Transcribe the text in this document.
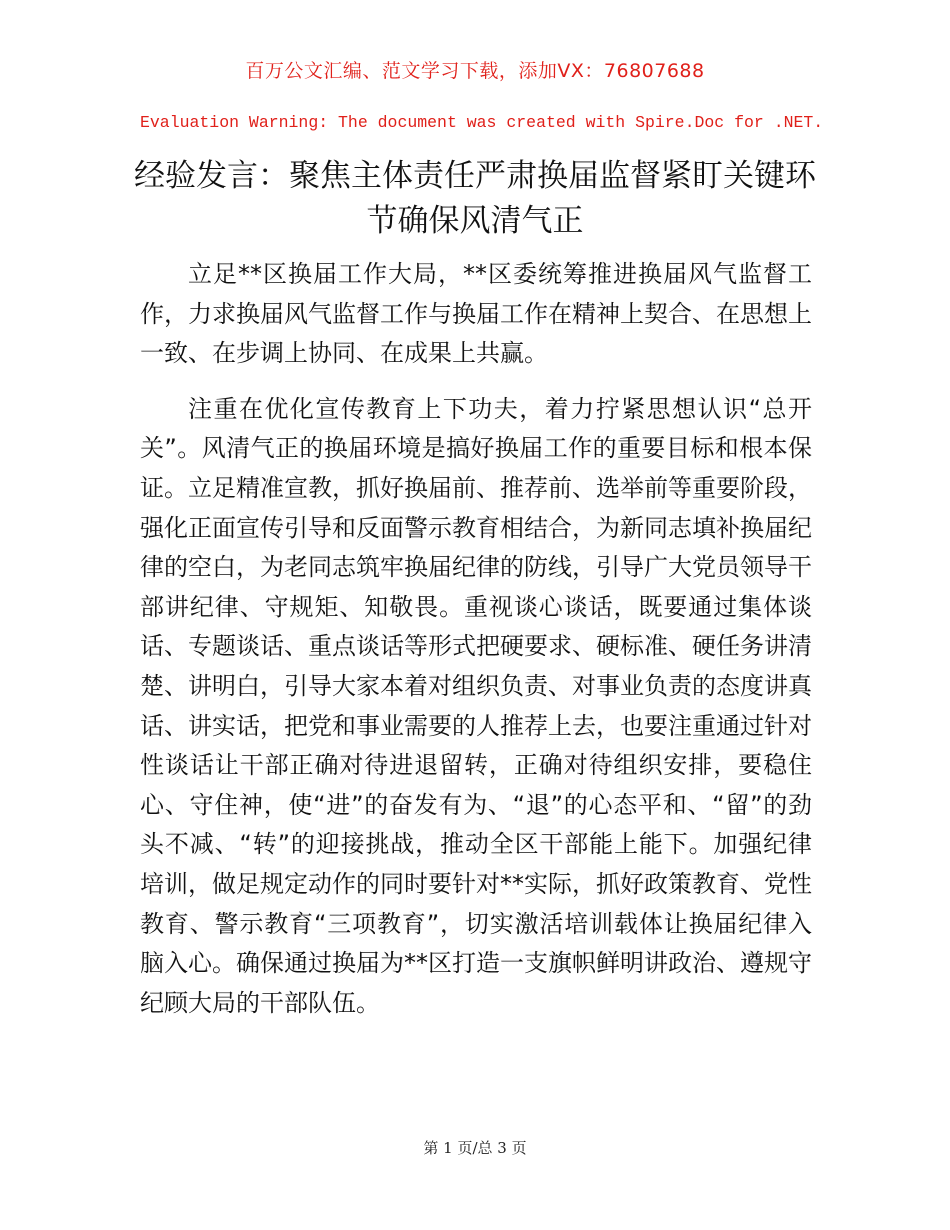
百万公文汇编、范文学习下载，添加VX：76807688
Evaluation Warning: The document was created with Spire.Doc for .NET.
经验发言：聚焦主体责任严肃换届监督紧盯关键环节确保风清气正

立足**区换届工作大局，**区委统筹推进换届风气监督工作，力求换届风气监督工作与换届工作在精神上契合、在思想上一致、在步调上协同、在成果上共赢。

注重在优化宣传教育上下功夫，着力拧紧思想认识“总开关”。风清气正的换届环境是搞好换届工作的重要目标和根本保证。立足精准宣教，抓好换届前、推荐前、选举前等重要阶段，强化正面宣传引导和反面警示教育相结合，为新同志填补换届纪律的空白，为老同志筑牢换届纪律的防线，引导广大党员领导干部讲纪律、守规矩、知敬畏。重视谈心谈话，既要通过集体谈话、专题谈话、重点谈话等形式把硬要求、硬标准、硬任务讲清楚、讲明白，引导大家本着对组织负责、对事业负责的态度讲真话、讲实话，把党和事业需要的人推荐上去，也要注重通过针对性谈话让干部正确对待进退留转，正确对待组织安排，要稳住心、守住神，使“进”的奋发有为、“退”的心态平和、“留”的劲头不减、“转”的迎接挑战，推动全区干部能上能下。加强纪律培训，做足规定动作的同时要针对**实际，抓好政策教育、党性教育、警示教育“三项教育”，切实激活培训载体让换届纪律入脑入心。确保通过换届为**区打造一支旗帜鲜明讲政治、遵规守纪顾大局的干部队伍。

第 1 页/总 3 页
